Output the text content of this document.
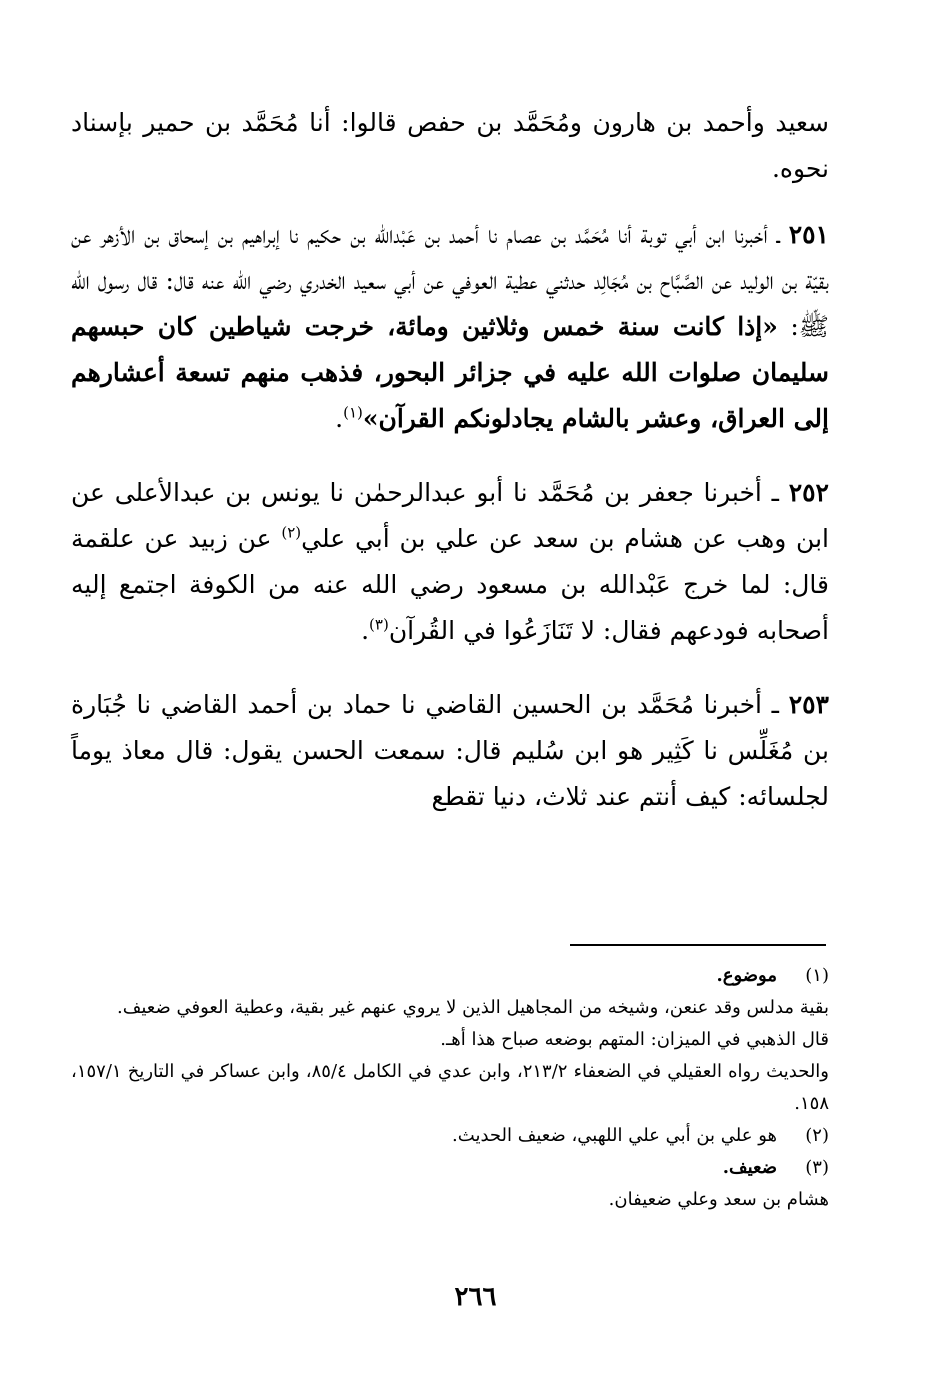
سعيد وأحمد بن هارون ومُحَمَّد بن حفص قالوا: أنا مُحَمَّد بن حمير بإسناد نحوه.

٢٥١ ـ أخبرنا ابن أبي توبة أنا مُحَمَّد بن عصام نا أحمد بن عَبْدالله بن حكيم نا إبراهيم بن إسحاق بن الأزهر عن بقيّة بن الوليد عن الصَّبَّاح بن مُجَالِد حدثني عطية العوفي عن أبي سعيد الخدري رضي الله عنه قال: قال رسول الله ﷺ: «إذا كانت سنة خمس وثلاثين ومائة، خرجت شياطين كان حبسهم سليمان صلوات الله عليه في جزائر البحور، فذهب منهم تسعة أعشارهم إلى العراق، وعشر بالشام يجادلونكم القرآن»$^{(١)}$.

٢٥٢ ـ أخبرنا جعفر بن مُحَمَّد نا أبو عبدالرحمٰن نا يونس بن عبدالأعلى عن ابن وهب عن هشام بن سعد عن علي بن أبي علي$^{(٢)}$ عن زبيد عن علقمة قال: لما خرج عَبْدالله بن مسعود رضي الله عنه من الكوفة اجتمع إليه أصحابه فودعهم فقال: لا تَنَازَعُوا في القُرآن$^{(٣)}$.

٢٥٣ ـ أخبرنا مُحَمَّد بن الحسين القاضي نا حماد بن أحمد القاضي نا جُبَارة بن مُغَلِّس نا كَثِير هو ابن سُليم قال: سمعت الحسن يقول: قال معاذ يوماً لجلسائه: كيف أنتم عند ثلاث، دنيا تقطع

(١)

موضوع.

بقية مدلس وقد عنعن، وشيخه من المجاهيل الذين لا يروي عنهم غير بقية، وعطية العوفي ضعيف.

قال الذهبي في الميزان: المتهم بوضعه صباح هذا أهـ.

والحديث رواه العقيلي في الضعفاء ٢١٣/٢، وابن عدي في الكامل ٨٥/٤، وابن عساكر في التاريخ ١٥٧/١، ١٥٨.

(٢)

هو علي بن أبي علي اللهبي، ضعيف الحديث.

(٣)

ضعيف.

هشام بن سعد وعلي ضعيفان.

٢٦٦
